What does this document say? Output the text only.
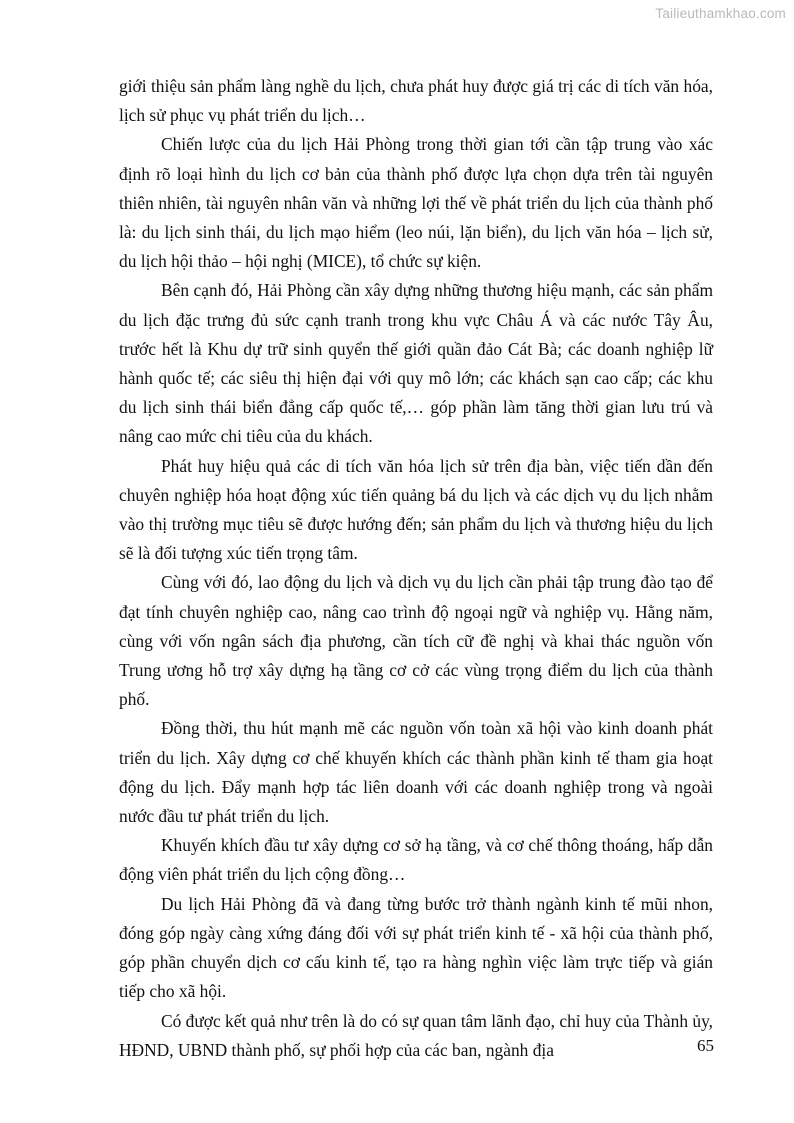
Tailieuthamkhao.com

giới thiệu sản phẩm làng nghề du lịch, chưa phát huy được giá trị các di tích văn hóa, lịch sử phục vụ phát triển du lịch…

Chiến lược của du lịch Hải Phòng trong thời gian tới cần tập trung vào xác định rõ loại hình du lịch cơ bản của thành phố được lựa chọn dựa trên tài nguyên thiên nhiên, tài nguyên nhân văn và những lợi thế về phát triển du lịch của thành phố là: du lịch sinh thái, du lịch mạo hiểm (leo núi, lặn biển), du lịch văn hóa – lịch sử, du lịch hội thảo – hội nghị (MICE), tổ chức sự kiện.

Bên cạnh đó, Hải Phòng cần xây dựng những thương hiệu mạnh, các sản phẩm du lịch đặc trưng đủ sức cạnh tranh trong khu vực Châu Á và các nước Tây Âu, trước hết là Khu dự trữ sinh quyển thế giới quần đảo Cát Bà; các doanh nghiệp lữ hành quốc tế; các siêu thị hiện đại với quy mô lớn; các khách sạn cao cấp; các khu du lịch sinh thái biển đẳng cấp quốc tế,… góp phần làm tăng thời gian lưu trú và nâng cao mức chi tiêu của du khách.

Phát huy hiệu quả các di tích văn hóa lịch sử trên địa bàn, việc tiến dần đến chuyên nghiệp hóa hoạt động xúc tiến quảng bá du lịch và các dịch vụ du lịch nhằm vào thị trường mục tiêu sẽ được hướng đến; sản phẩm du lịch và thương hiệu du lịch sẽ là đối tượng xúc tiến trọng tâm.

Cùng với đó, lao động du lịch và dịch vụ du lịch cần phải tập trung đào tạo để đạt tính chuyên nghiệp cao, nâng cao trình độ ngoại ngữ và nghiệp vụ. Hằng năm, cùng với vốn ngân sách địa phương, cần tích cữ đề nghị và khai thác nguồn vốn Trung ương hỗ trợ xây dựng hạ tầng cơ cở các vùng trọng điểm du lịch của thành phố.

Đồng thời, thu hút mạnh mẽ các nguồn vốn toàn xã hội vào kinh doanh phát triển du lịch. Xây dựng cơ chế khuyến khích các thành phần kinh tế tham gia hoạt động du lịch. Đẩy mạnh hợp tác liên doanh với các doanh nghiệp trong và ngoài nước đầu tư phát triển du lịch.

Khuyến khích đầu tư xây dựng cơ sở hạ tầng, và cơ chế thông thoáng, hấp dẫn động viên phát triển du lịch cộng đồng…

Du lịch Hải Phòng đã và đang từng bước trở thành ngành kinh tế mũi nhon, đóng góp ngày càng xứng đáng đối với sự phát triển kinh tế - xã hội của thành phố, góp phần chuyển dịch cơ cấu kinh tế, tạo ra hàng nghìn việc làm trực tiếp và gián tiếp cho xã hội.

Có được kết quả như trên là do có sự quan tâm lãnh đạo, chỉ huy của Thành ủy, HĐND, UBND thành phố, sự phối hợp của các ban, ngành địa	65
